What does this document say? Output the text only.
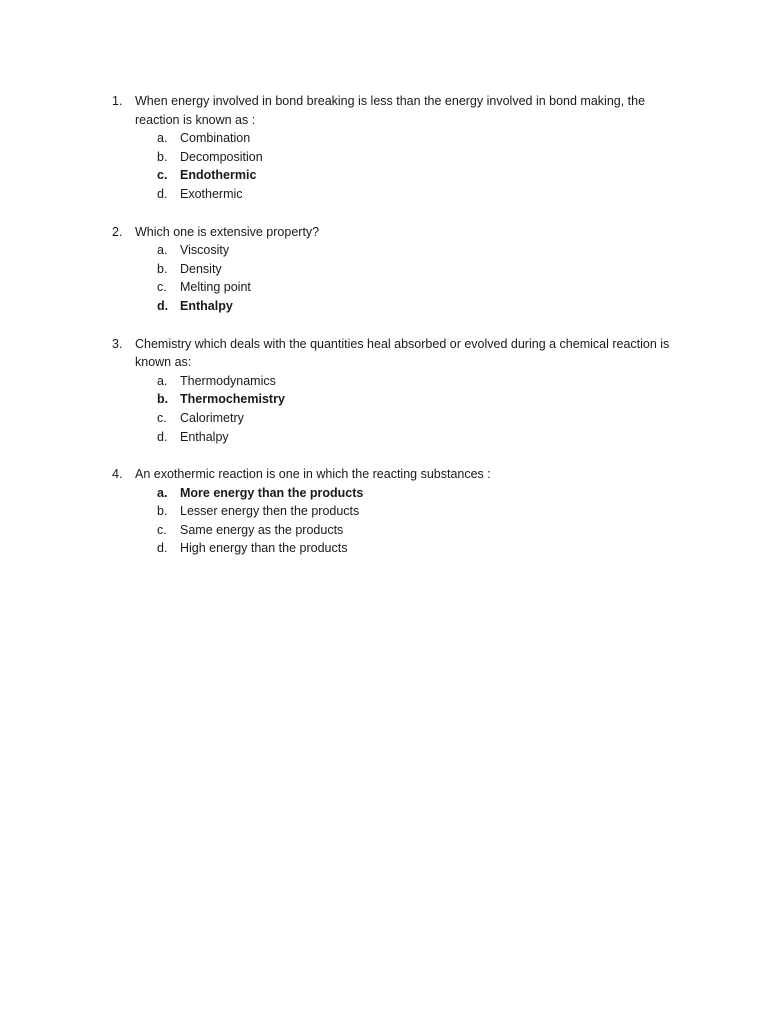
1.	When energy involved in bond breaking is less than the energy involved in bond making, the reaction is known as :
a. Combination
b. Decomposition
c. Endothermic
d. Exothermic
2.	Which one is extensive property?
a. Viscosity
b. Density
c. Melting point
d. Enthalpy
3.	Chemistry which deals with the quantities heal absorbed or evolved during a chemical reaction is known as:
a. Thermodynamics
b. Thermochemistry
c. Calorimetry
d. Enthalpy
4.	An exothermic reaction is one in which the reacting substances :
a. More energy than the products
b. Lesser energy then the products
c. Same energy as the products
d. High energy than the products
